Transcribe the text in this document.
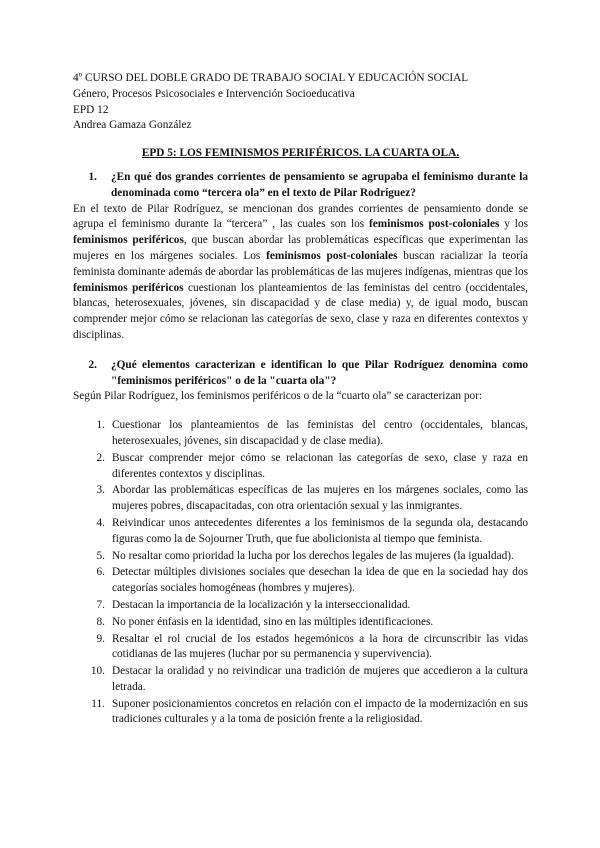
4º CURSO DEL DOBLE GRADO DE TRABAJO SOCIAL Y EDUCACIÓN SOCIAL
Género, Procesos Psicosociales e Intervención Socioeducativa
EPD 12
Andrea Gamaza González
EPD 5: LOS FEMINISMOS PERIFÉRICOS. LA CUARTA OLA.
1.	¿En qué dos grandes corrientes de pensamiento se agrupaba el feminismo durante la denominada como “tercera ola” en el texto de Pilar Rodríguez?

En el texto de Pilar Rodríguez, se mencionan dos grandes corrientes de pensamiento donde se agrupa el feminismo durante la “tercera” , las cuales son los feminismos post-coloniales y los feminismos periféricos, que buscan abordar las problemáticas específicas que experimentan las mujeres en los márgenes sociales. Los feminismos post-coloniales buscan racializar la teoría feminista dominante además de abordar las problemáticas de las mujeres indígenas, mientras que los feminismos periféricos cuestionan los planteamientos de las feministas del centro (occidentales, blancas, heterosexuales, jóvenes, sin discapacidad y de clase media) y, de igual modo, buscan comprender mejor cómo se relacionan las categorías de sexo, clase y raza en diferentes contextos y disciplinas.

2.	¿Qué elementos caracterizan e identifican lo que Pilar Rodríguez denomina como "feminismos periféricos" o de la "cuarta ola"?

Según Pilar Rodríguez, los feminismos periféricos o de la “cuarto ola” se caracterizan por:

1. Cuestionar los planteamientos de las feministas del centro (occidentales, blancas, heterosexuales, jóvenes, sin discapacidad y de clase media).
2. Buscar comprender mejor cómo se relacionan las categorías de sexo, clase y raza en diferentes contextos y disciplinas.
3. Abordar las problemáticas específicas de las mujeres en los márgenes sociales, como las mujeres pobres, discapacitadas, con otra orientación sexual y las inmigrantes.
4. Reivindicar unos antecedentes diferentes a los feminismos de la segunda ola, destacando figuras como la de Sojourner Truth, que fue abolicionista al tiempo que feminista.
5. No resaltar como prioridad la lucha por los derechos legales de las mujeres (la igualdad).
6. Detectar múltiples divisiones sociales que desechan la idea de que en la sociedad hay dos categorías sociales homogéneas (hombres y mujeres).
7. Destacan la importancia de la localización y la interseccionalidad.
8. No poner énfasis en la identidad, sino en las múltiples identificaciones.
9. Resaltar el rol crucial de los estados hegemónicos a la hora de circunscribir las vidas cotidianas de las mujeres (luchar por su permanencia y supervivencia).
10. Destacar la oralidad y no reivindicar una tradición de mujeres que accedieron a la cultura letrada.
11. Suponer posicionamientos concretos en relación con el impacto de la modernización en sus tradiciones culturales y a la toma de posición frente a la religiosidad.
